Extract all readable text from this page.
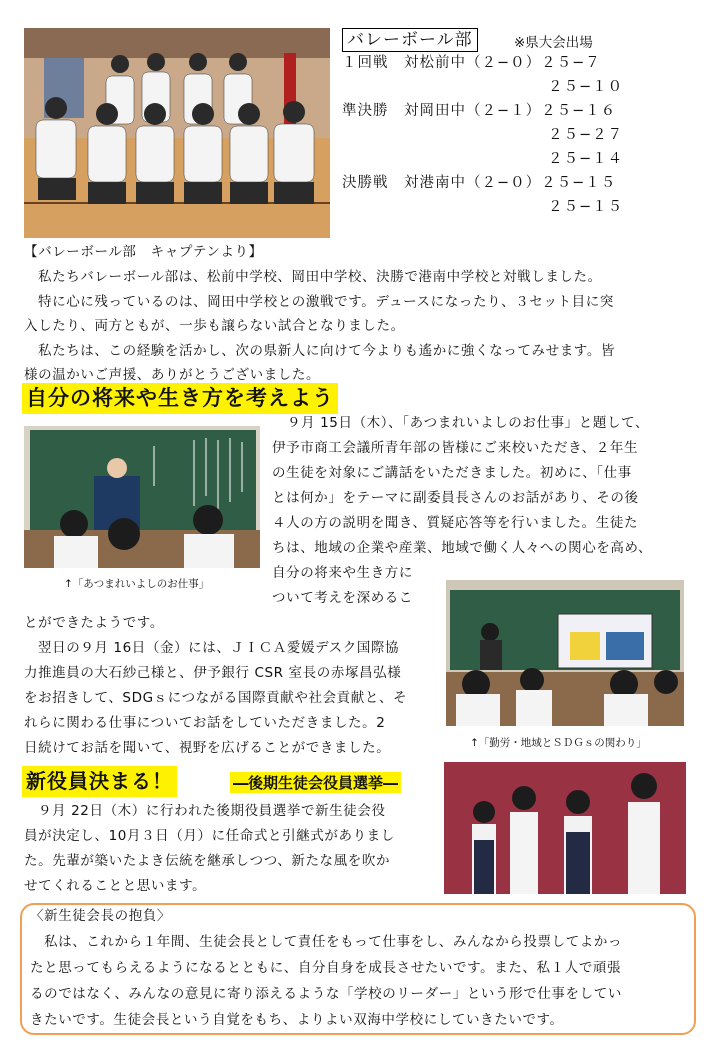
バレーボール部	※県大会出場
１回戦　対松前中（２−０）２５−７
２５−１０
準決勝　対岡田中（２−１）２５−１６
２５−２７
２５−１４
決勝戦　対港南中（２−０）２５−１５
２５−１５
【バレーボール部　キャプテンより】
私たちバレーボール部は、松前中学校、岡田中学校、決勝で港南中学校と対戦しました。
特に心に残っているのは、岡田中学校との激戦です。デュースになったり、３セット目に突
入したり、両方ともが、一歩も譲らない試合となりました。
私たちは、この経験を活かし、次の県新人に向けて今よりも遙かに強くなってみせます。皆
様の温かいご声援、ありがとうございました。
自分の将来や生き方を考えよう
↑「あつまれいよしのお仕事」
９月 15日（木）、「あつまれいよしのお仕事」と題して、
伊予市商工会議所青年部の皆様にご来校いただき、２年生
の生徒を対象にご講話をいただきました。初めに、「仕事
とは何か」をテーマに副委員長さんのお話があり、その後
４人の方の説明を聞き、質疑応答等を行いました。生徒た
ちは、地域の企業や産業、地域で働く人々への関心を高め、
自分の将来や生き方に
ついて考えを深めるこ
とができたようです。
翌日の９月 16日（金）には、ＪＩＣＡ愛媛デスク国際協
力推進員の大石紗己様と、伊予銀行 CSR 室長の赤塚昌弘様
をお招きして、SDGｓにつながる国際貢献や社会貢献と、そ
れらに関わる仕事についてお話をしていただきました。2
日続けてお話を聞いて、視野を広げることができました。	↑「勤労・地域とＳＤＧｓの関わり」
新役員決まる！	―後期生徒会役員選挙―
９月 22日（木）に行われた後期役員選挙で新生徒会役
員が決定し、10月３日（月）に任命式と引継式がありまし
た。先輩が築いたよき伝統を継承しつつ、新たな風を吹か
せてくれることと思います。
〈新生徒会長の抱負〉
私は、これから１年間、生徒会長として責任をもって仕事をし、みんなから投票してよかっ
たと思ってもらえるようになるとともに、自分自身を成長させたいです。また、私１人で頑張
るのではなく、みんなの意見に寄り添えるような「学校のリーダー」という形で仕事をしてい
きたいです。生徒会長という自覚をもち、よりよい双海中学校にしていきたいです。
